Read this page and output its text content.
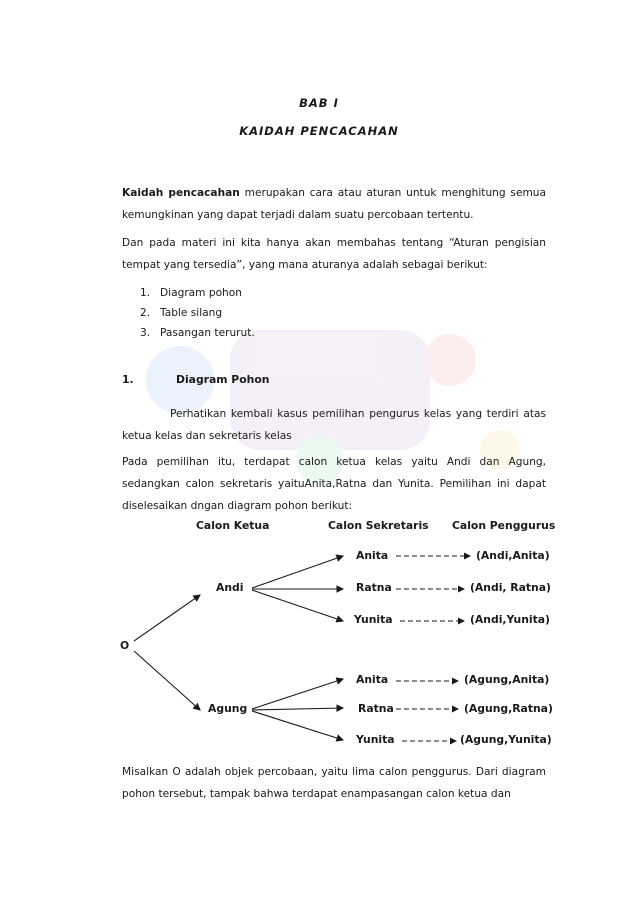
BAB I
KAIDAH PENCACAHAN
Kaidah pencacahan merupakan cara atau aturan untuk menghitung semua kemungkinan yang dapat terjadi dalam suatu percobaan tertentu.
Dan pada materi ini kita hanya akan membahas tentang “Aturan pengisian tempat yang tersedia”, yang mana aturanya adalah sebagai berikut:
1. Diagram pohon
2. Table silang
3. Pasangan terurut.
1.	Diagram Pohon
Perhatikan kembali kasus pemilihan pengurus kelas yang terdiri atas ketua kelas dan sekretaris kelas
Pada pemilihan itu, terdapat calon ketua kelas yaitu Andi dan Agung, sedangkan calon sekretaris yaituAnita,Ratna dan Yunita. Pemilihan ini dapat diselesaikan dngan diagram pohon berikut:
Calon Ketua	Calon Sekretaris Calon Penggurus
O
Andi
Agung
Anita
Ratna
Yunita
Anita
Ratna
Yunita
(Andi,Anita)
(Andi, Ratna)
(Andi,Yunita)
(Agung,Anita)
(Agung,Ratna)
(Agung,Yunita)
Misalkan O adalah objek percobaan, yaitu lima calon penggurus. Dari diagram pohon tersebut, tampak bahwa terdapat enampasangan calon ketua dan
